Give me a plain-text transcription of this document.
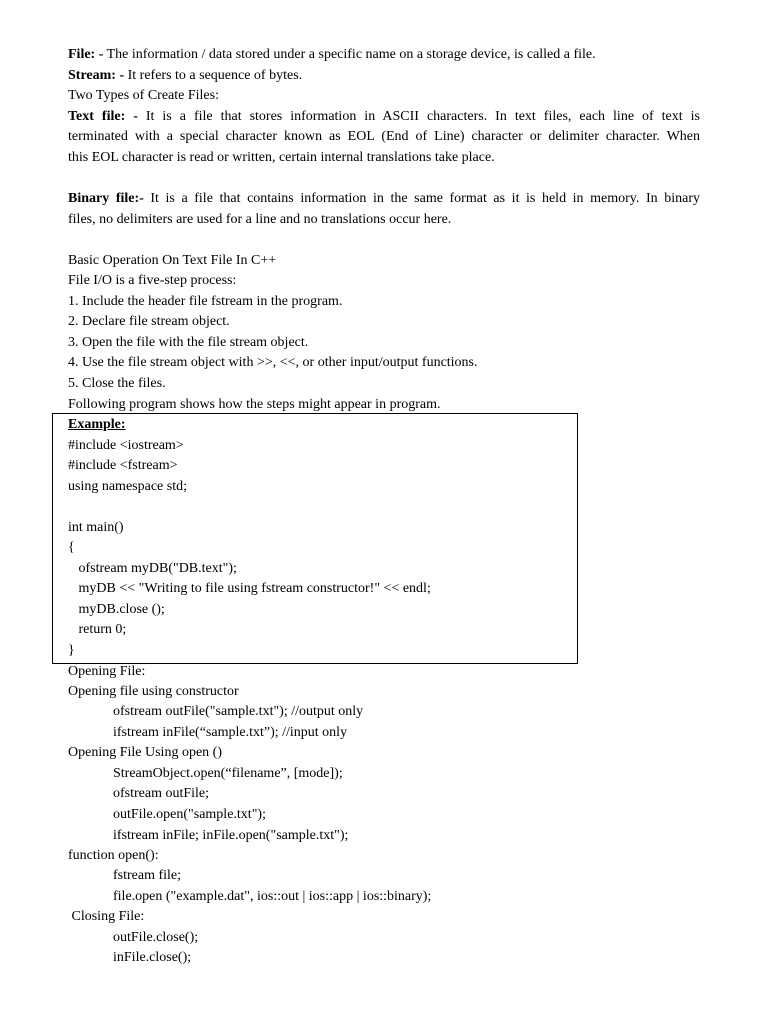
File: - The information / data stored under a specific name on a storage device, is called a file.
Stream: - It refers to a sequence of bytes.
Two Types of Create Files:
Text file: - It is a file that stores information in ASCII characters. In text files, each line of text is
terminated with a special character known as EOL (End of Line) character or delimiter character. When
this EOL character is read or written, certain internal translations take place.
Binary file:- It is a file that contains information in the same format as it is held in memory. In binary
files, no delimiters are used for a line and no translations occur here.
Basic Operation On Text File In C++
File I/O is a five-step process:
1. Include the header file fstream in the program.
2. Declare file stream object.
3. Open the file with the file stream object.
4. Use the file stream object with >>, <<, or other input/output functions.
5. Close the files.
Following program shows how the steps might appear in program.
Example:
#include <iostream>
#include <fstream>
using namespace std;
int main()
{
ofstream myDB("DB.text");
myDB << "Writing to file using fstream constructor!" << endl;
myDB.close ();
return 0;
}
Opening File:
Opening file using constructor
ofstream outFile("sample.txt"); //output only
ifstream inFile(“sample.txt”); //input only
Opening File Using open ()
StreamObject.open(“filename”, [mode]);
ofstream outFile;
outFile.open("sample.txt");
ifstream inFile; inFile.open("sample.txt");
function open():
fstream file;
file.open ("example.dat", ios::out | ios::app | ios::binary);
Closing File:
outFile.close();
inFile.close();
